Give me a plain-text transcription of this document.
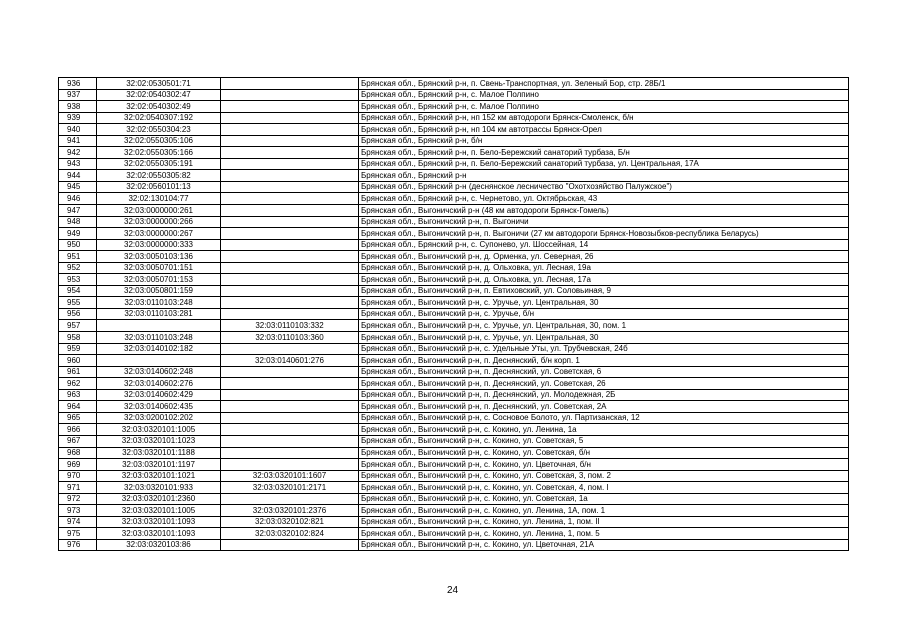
936	32:02:0530501:71		Брянская обл., Брянский р-н, п. Свень-Транспортная, ул. Зеленый Бор, стр. 28Б/1
937	32:02:0540302:47		Брянская обл., Брянский р-н, с. Малое Полпино
938	32:02:0540302:49		Брянская обл., Брянский р-н, с. Малое Полпино
939	32:02:0540307:192		Брянская обл., Брянский р-н, нп 152 км автодороги Брянск-Смоленск, б/н
940	32:02:0550304:23		Брянская обл., Брянский р-н, нп 104 км автотрассы Брянск-Орел
941	32:02:0550305:106		Брянская обл., Брянский р-н, б/н
942	32:02:0550305:166		Брянская обл., Брянский р-н, п. Бело-Бережский санаторий турбаза, Б/н
943	32:02:0550305:191		Брянская обл., Брянский р-н, п. Бело-Бережский санаторий турбаза, ул. Центральная, 17А
944	32:02:0550305:82		Брянская обл., Брянский р-н
945	32:02:0560101:13		Брянская обл., Брянский р-н (деснянское лесничество "Охотхозяйство Палужское")
946	32:02:130104:77		Брянская обл., Брянский р-н, с. Чернетово, ул. Октябрьская, 43
947	32:03:0000000:261		Брянская обл., Выгоничский р-н (48 км автодороги Брянск-Гомель)
948	32:03:0000000:266		Брянская обл., Выгоничский р-н, п. Выгоничи
949	32:03:0000000:267		Брянская обл., Выгоничский р-н, п. Выгоничи (27 км автодороги Брянск-Новозыбков-республика Беларусь)
950	32:03:0000000:333		Брянская обл., Брянский р-н, с. Супонево, ул. Шоссейная, 14
951	32:03:0050103:136		Брянская обл., Выгоничский р-н, д. Орменка, ул. Северная, 26
952	32:03:0050701:151		Брянская обл., Выгоничский р-н, д. Ольховка, ул. Лесная, 19а
953	32:03:0050701:153		Брянская обл., Выгоничский р-н, д. Ольховка, ул. Лесная, 17а
954	32:03:0050801:159		Брянская обл., Выгоничский р-н, п. Евтиховский, ул. Соловьиная, 9
955	32:03:0110103:248		Брянская обл., Выгоничский р-н, с. Уручье, ул. Центральная, 30
956	32:03:0110103:281		Брянская обл., Выгоничский р-н, с. Уручье, б/н
957		32:03:0110103:332	Брянская обл., Выгоничский р-н, с. Уручье, ул. Центральная, 30, пом. 1
958	32:03:0110103:248	32:03:0110103:360	Брянская обл., Выгоничский р-н, с. Уручье, ул. Центральная, 30
959	32:03:0140102:182		Брянская обл., Выгоничский р-н, с. Удельные Уты, ул. Трубчевская, 24б
960		32:03:0140601:276	Брянская обл., Выгоничский р-н, п. Деснянский, б/н корп. 1
961	32:03:0140602:248		Брянская обл., Выгоничский р-н, п. Деснянский, ул. Советская, 6
962	32:03:0140602:276		Брянская обл., Выгоничский р-н, п. Деснянский, ул. Советская, 26
963	32:03:0140602:429		Брянская обл., Выгоничский р-н, п. Деснянский, ул. Молодежная, 2Б
964	32:03:0140602:435		Брянская обл., Выгоничский р-н, п. Деснянский, ул. Советская, 2А
965	32:03:0200102:202		Брянская обл., Выгоничский р-н, с. Сосновое Болото, ул. Партизанская, 12
966	32:03:0320101:1005		Брянская обл., Выгоничский р-н, с. Кокино, ул. Ленина, 1а
967	32:03:0320101:1023		Брянская обл., Выгоничский р-н, с. Кокино, ул. Советская, 5
968	32:03:0320101:1188		Брянская обл., Выгоничский р-н, с. Кокино, ул. Советская, б/н
969	32:03:0320101:1197		Брянская обл., Выгоничский р-н, с. Кокино, ул. Цветочная, б/н
970	32:03:0320101:1021	32:03:0320101:1607	Брянская обл., Выгоничский р-н, с. Кокино, ул. Советская, 3, пом. 2
971	32:03:0320101:933	32:03:0320101:2171	Брянская обл., Выгоничский р-н, с. Кокино, ул. Советская, 4, пом. I
972	32:03:0320101:2360		Брянская обл., Выгоничский р-н, с. Кокино, ул. Советская, 1а
973	32:03:0320101:1005	32:03:0320101:2376	Брянская обл., Выгоничский р-н, с. Кокино, ул. Ленина, 1А, пом. 1
974	32:03:0320101:1093	32:03:0320102:821	Брянская обл., Выгоничский р-н, с. Кокино, ул. Ленина, 1, пом. II
975	32:03:0320101:1093	32:03:0320102:824	Брянская обл., Выгоничский р-н, с. Кокино, ул. Ленина, 1, пом. 5
976	32:03:0320103:86		Брянская обл., Выгоничский р-н, с. Кокино, ул. Цветочная, 21А
24
